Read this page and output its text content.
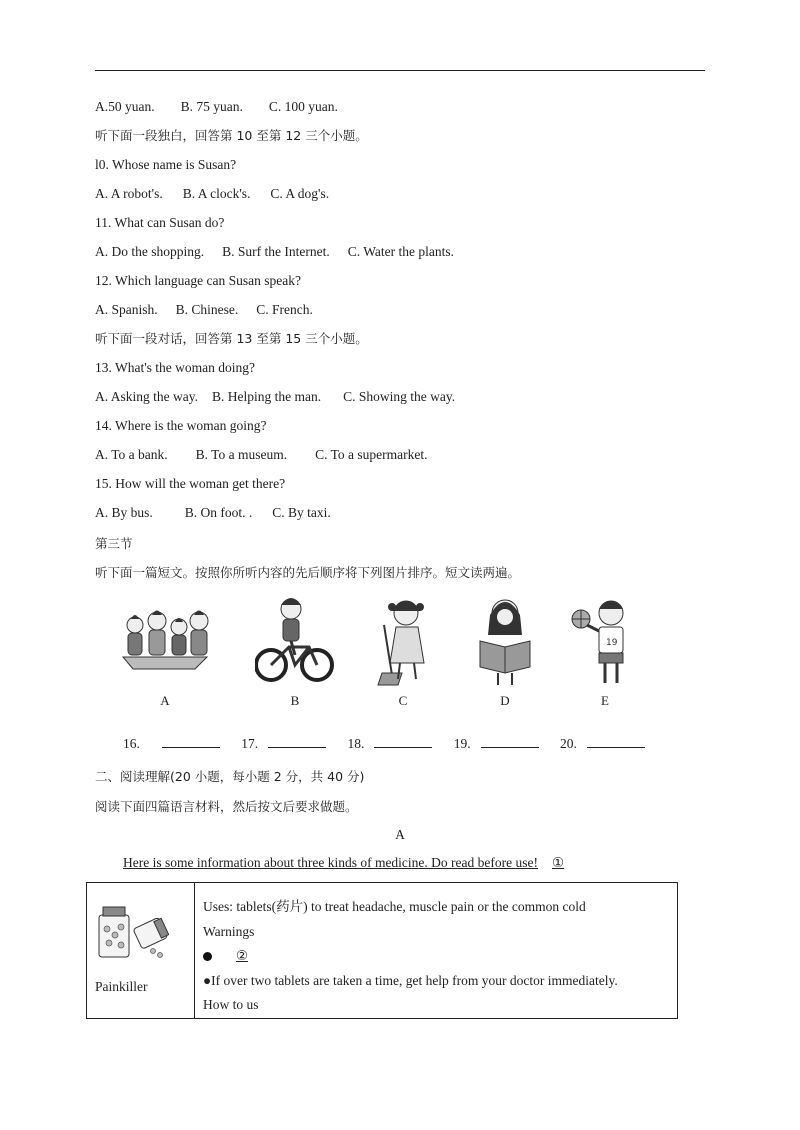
A.50 yuan. B. 75 yuan. C. 100 yuan.
听下面一段独白，回答第 10 至第 12 三个小题。
l0. Whose name is Susan?
A. A robot's. B. A clock's. C. A dog's.
11. What can Susan do?
A. Do the shopping. B. Surf the Internet. C. Water the plants.
12. Which language can Susan speak?
A. Spanish. B. Chinese. C. French.
听下面一段对话，回答第 13 至第 15 三个小题。
13. What's the woman doing?
A. Asking the way. B. Helping the man. C. Showing the way.
14. Where is the woman going?
A. To a bank. B. To a museum. C. To a supermarket.
15. How will the woman get there?
A. By bus. B. On foot. . C. By taxi.
第三节
听下面一篇短文。按照你所听内容的先后顺序将下列图片排序。短文读两遍。
A	B	C	D
19
E
16.	17.	18.	19.	20.
二、阅读理解(20 小题，每小题 2 分，共 40 分)
阅读下面四篇语言材料，然后按文后要求做题。
A
Here is some information about three kinds of medicine. Do read before use! ①
Painkiller

Uses: tablets(药片) to treat headache, muscle pain or the common cold
Warnings
②
●If over two tablets are taken a time, get help from your doctor immediately.
How to us
